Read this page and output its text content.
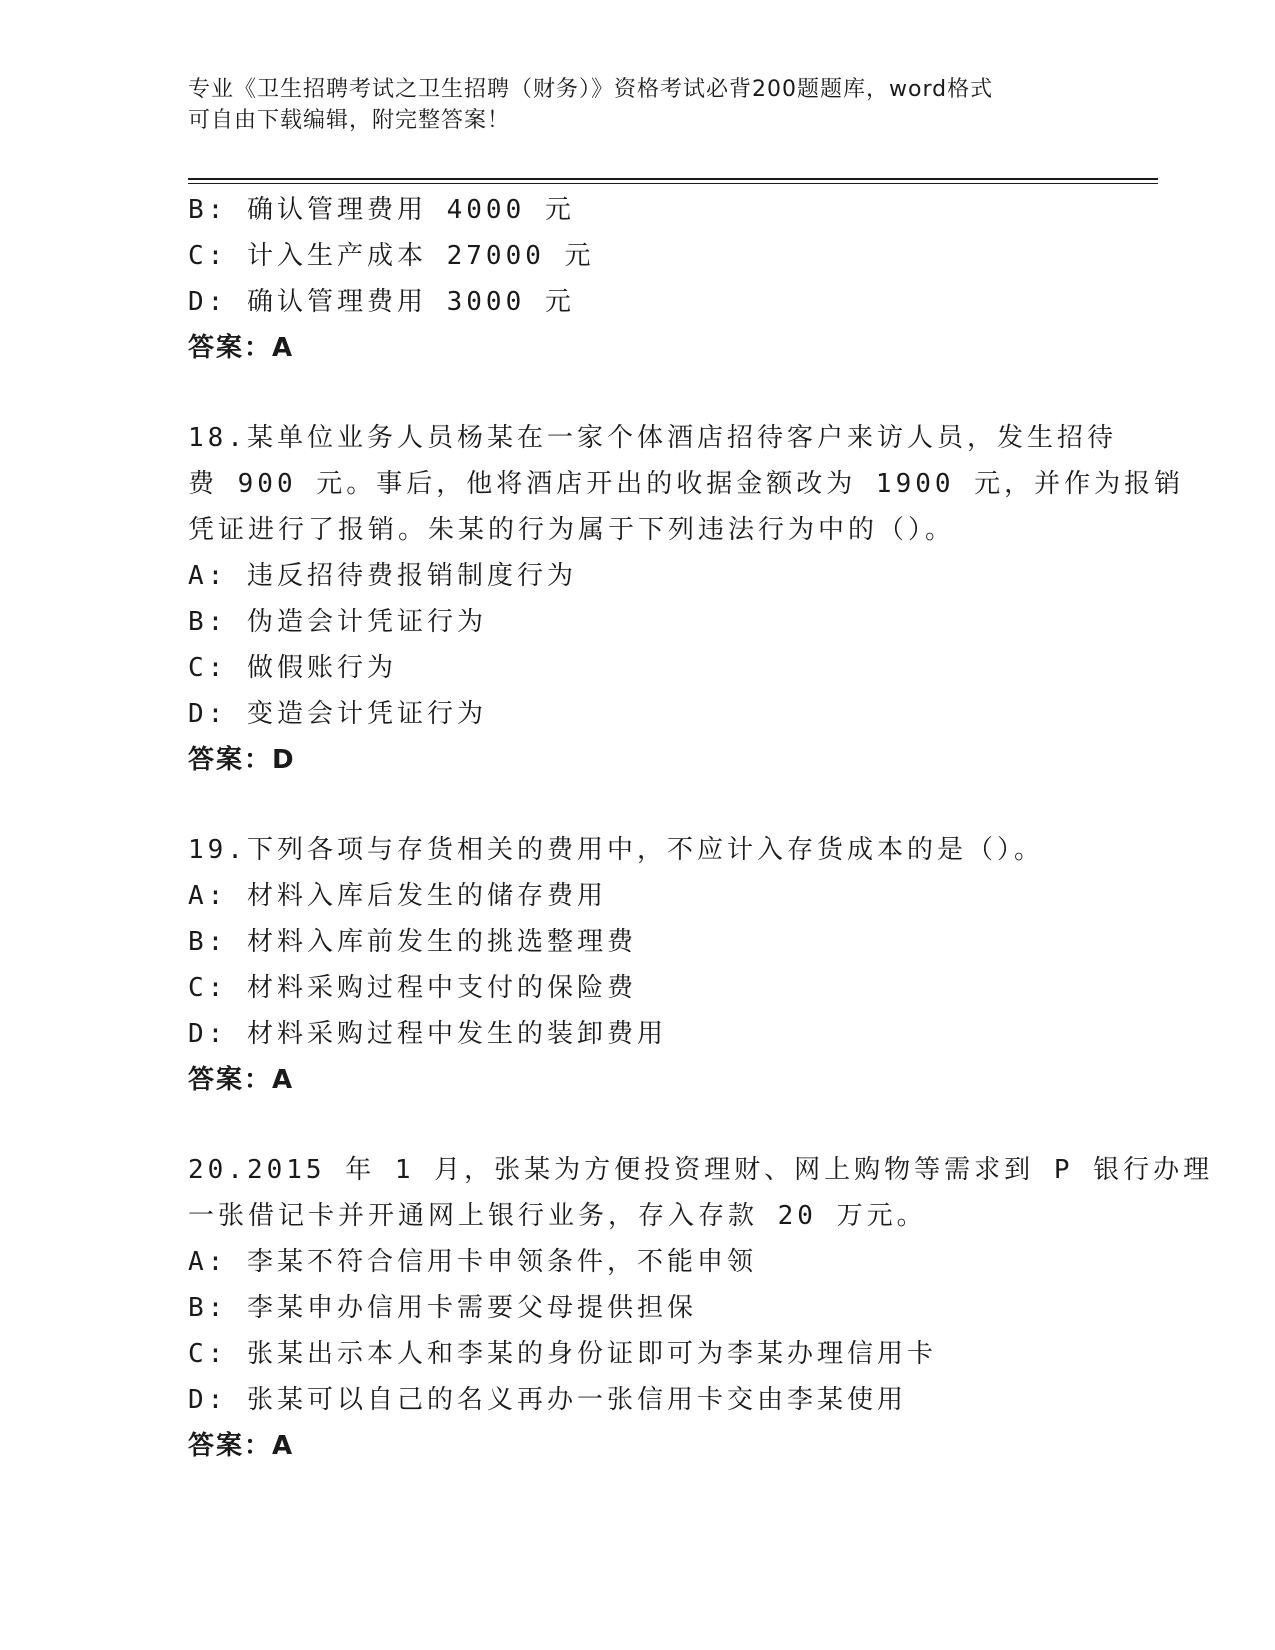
专业《卫生招聘考试之卫生招聘（财务）》资格考试必背200题题库，word格式
可自由下载编辑，附完整答案！
B: 确认管理费用 4000 元
C: 计入生产成本 27000 元
D: 确认管理费用 3000 元
答案：A
18.某单位业务人员杨某在一家个体酒店招待客户来访人员，发生招待
费 900 元。事后，他将酒店开出的收据金额改为 1900 元，并作为报销
凭证进行了报销。朱某的行为属于下列违法行为中的（）。
A: 违反招待费报销制度行为
B: 伪造会计凭证行为
C: 做假账行为
D: 变造会计凭证行为
答案：D
19.下列各项与存货相关的费用中，不应计入存货成本的是（）。
A: 材料入库后发生的储存费用
B: 材料入库前发生的挑选整理费
C: 材料采购过程中支付的保险费
D: 材料采购过程中发生的装卸费用
答案：A
20.2015 年 1 月，张某为方便投资理财、网上购物等需求到 P 银行办理
一张借记卡并开通网上银行业务，存入存款 20 万元。
A: 李某不符合信用卡申领条件，不能申领
B: 李某申办信用卡需要父母提供担保
C: 张某出示本人和李某的身份证即可为李某办理信用卡
D: 张某可以自己的名义再办一张信用卡交由李某使用
答案：A
